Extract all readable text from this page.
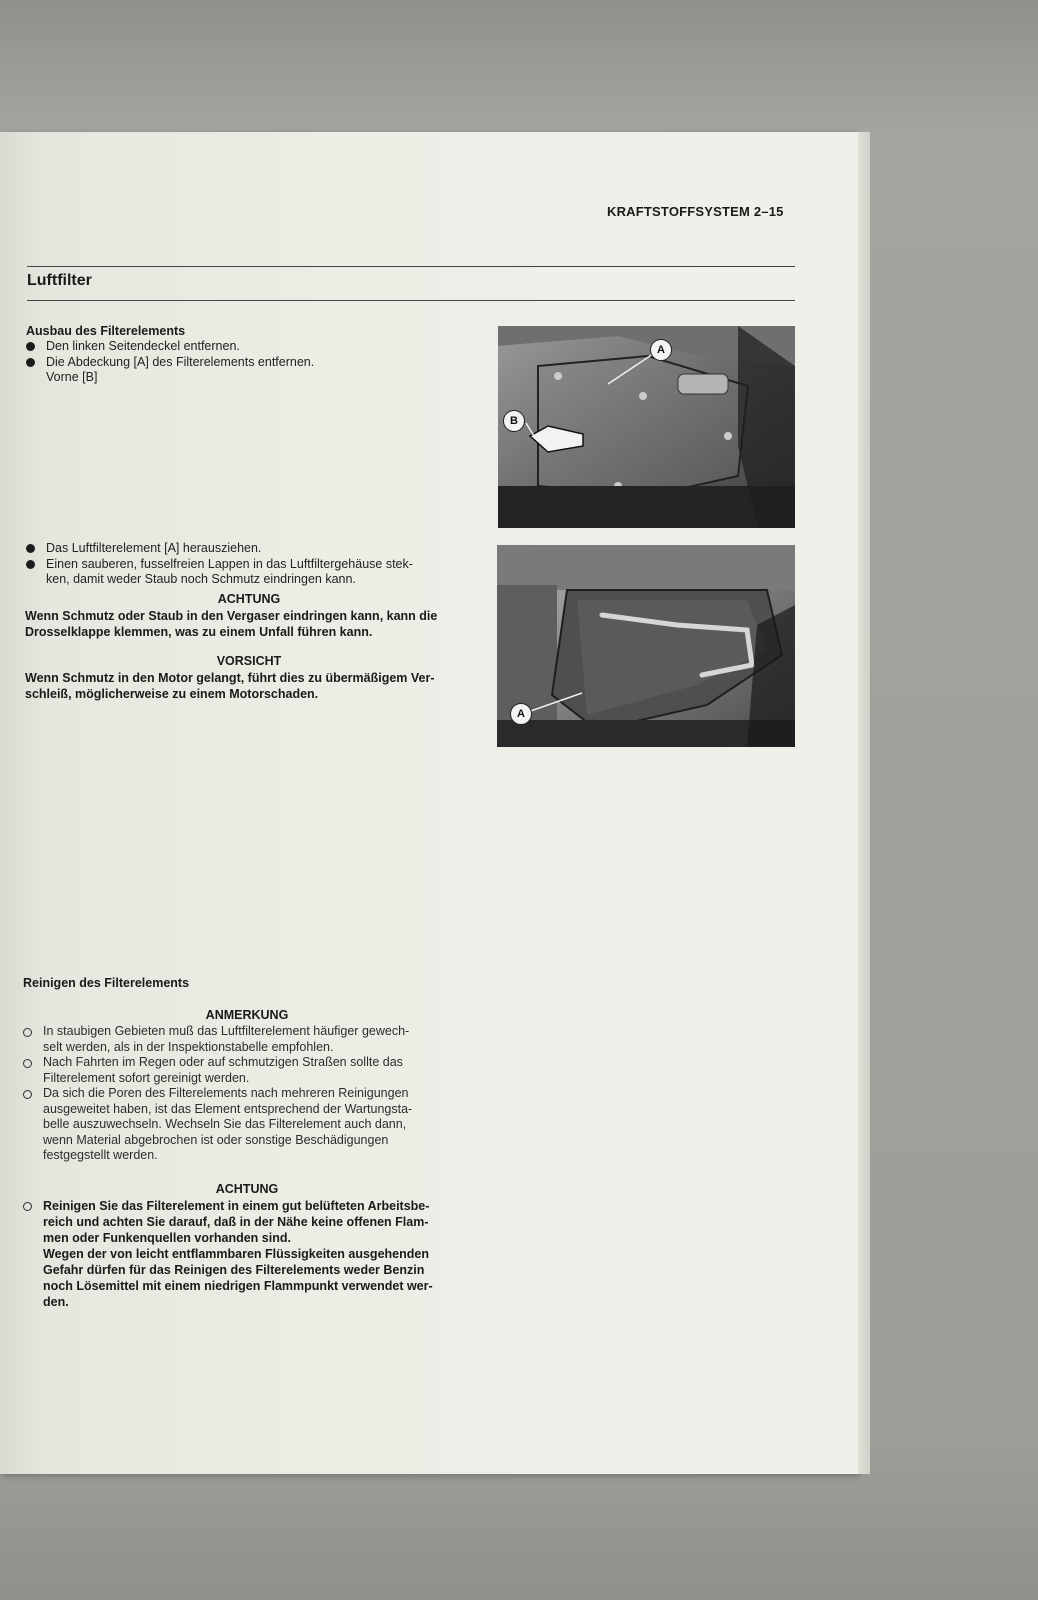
KRAFTSTOFFSYSTEM 2–15
Luftfilter
Ausbau des Filterelements
Den linken Seitendeckel entfernen.
Die Abdeckung [A] des Filterelements entfernen.
Vorne [B]
Das Luftfilterelement [A] herausziehen.
Einen sauberen, fusselfreien Lappen in das Luftfiltergehäuse stek-
ken, damit weder Staub noch Schmutz eindringen kann.
ACHTUNG
Wenn Schmutz oder Staub in den Vergaser eindringen kann, kann die
Drosselklappe klemmen, was zu einem Unfall führen kann.
VORSICHT
Wenn Schmutz in den Motor gelangt, führt dies zu übermäßigem Ver-
schleiß, möglicherweise zu einem Motorschaden.
A
B
A
Reinigen des Filterelements
ANMERKUNG
In staubigen Gebieten muß das Luftfilterelement häufiger gewech-
selt werden, als in der Inspektionstabelle empfohlen.
Nach Fahrten im Regen oder auf schmutzigen Straßen sollte das
Filterelement sofort gereinigt werden.
Da sich die Poren des Filterelements nach mehreren Reinigungen
ausgeweitet haben, ist das Element entsprechend der Wartungsta-
belle auszuwechseln. Wechseln Sie das Filterelement auch dann,
wenn Material abgebrochen ist oder sonstige Beschädigungen
festgegstellt werden.
ACHTUNG
Reinigen Sie das Filterelement in einem gut belüfteten Arbeitsbe-
reich und achten Sie darauf, daß in der Nähe keine offenen Flam-
men oder Funkenquellen vorhanden sind.
Wegen der von leicht entflammbaren Flüssigkeiten ausgehenden
Gefahr dürfen für das Reinigen des Filterelements weder Benzin
noch Lösemittel mit einem niedrigen Flammpunkt verwendet wer-
den.
